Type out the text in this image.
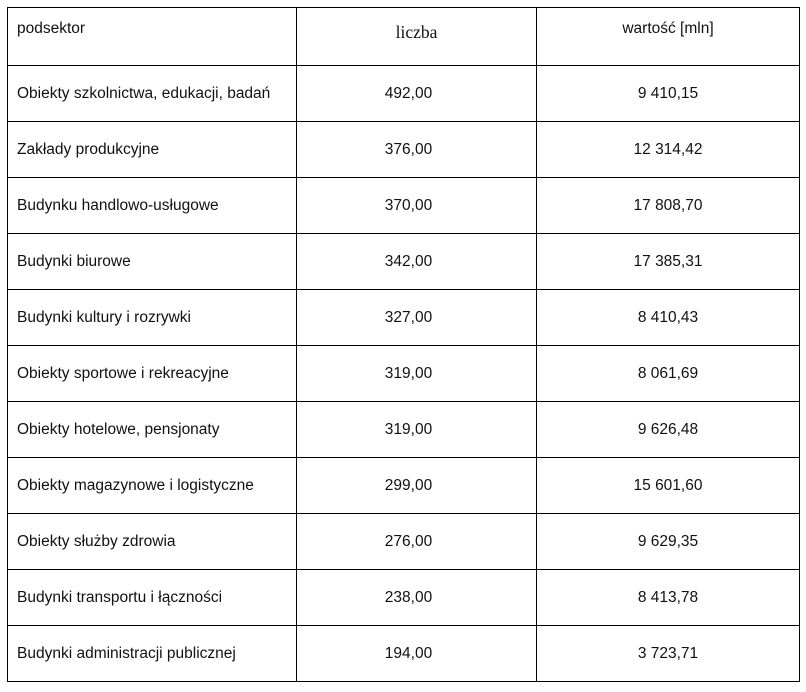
podsektor	liczba	wartość [mln]
Obiekty szkolnictwa, edukacji, badań	492,00	9 410,15
Zakłady produkcyjne	376,00	12 314,42
Budynku handlowo-usługowe	370,00	17 808,70
Budynki biurowe	342,00	17 385,31
Budynki kultury i rozrywki	327,00	8 410,43
Obiekty sportowe i rekreacyjne	319,00	8 061,69
Obiekty hotelowe, pensjonaty	319,00	9 626,48
Obiekty magazynowe i logistyczne	299,00	15 601,60
Obiekty służby zdrowia	276,00	9 629,35
Budynki transportu i łączności	238,00	8 413,78
Budynki administracji publicznej	194,00	3 723,71
